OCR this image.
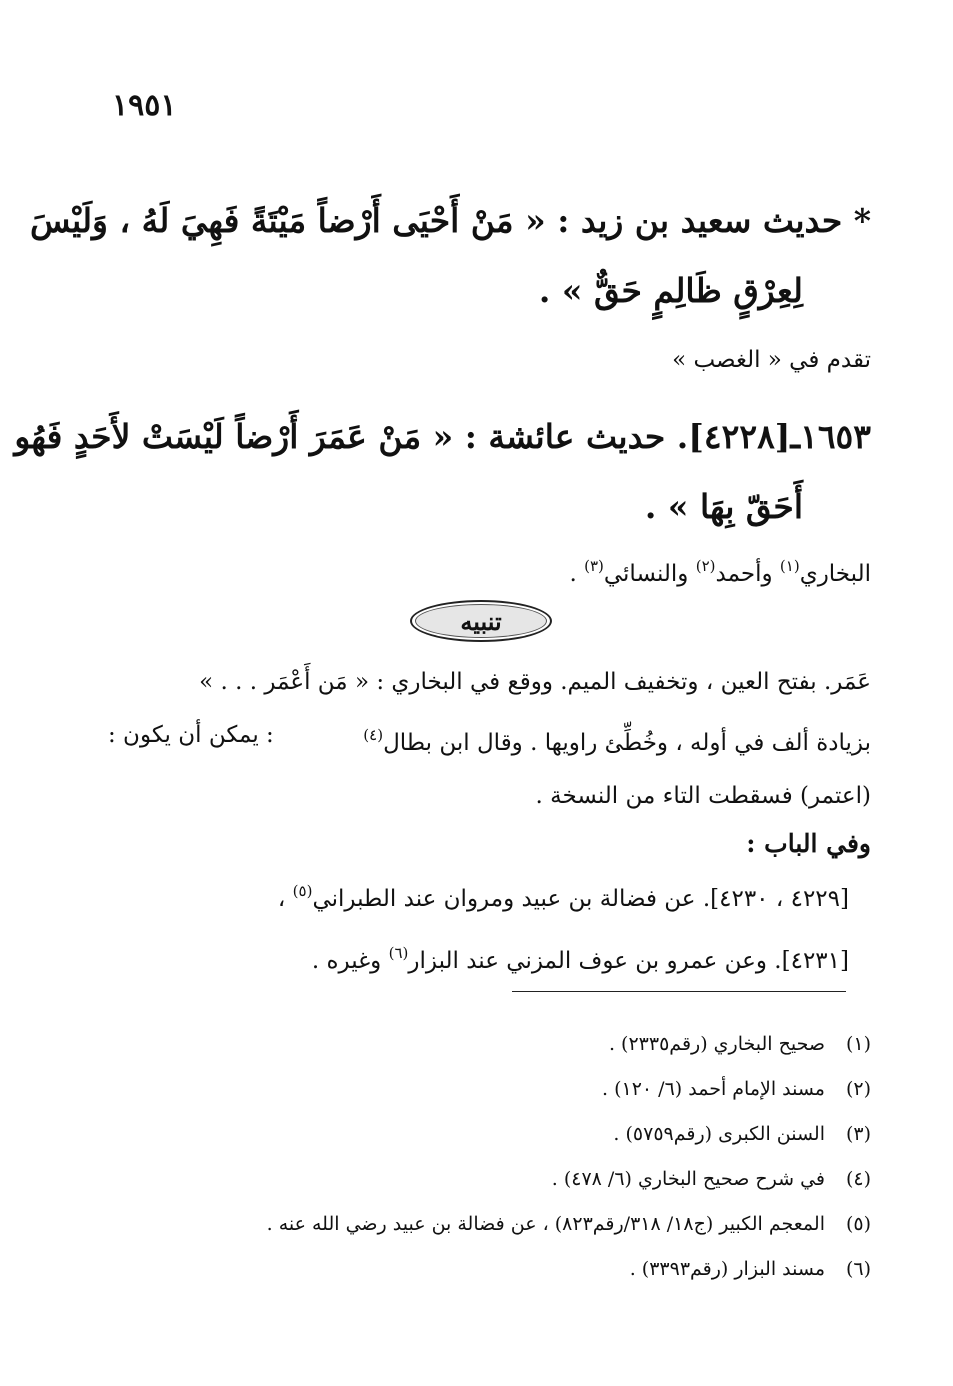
١٩٥١
* حديث سعيد بن زيد : « مَنْ أَحْيَى أَرْضاً مَيْتَةً فَهِيَ لَهُ ، وَلَيْسَ
لِعِرْقٍ ظَالِمٍ حَقٌّ » .
تقدم في « الغصب »
١٦٥٣ـ[٤٢٢٨]. حديث عائشة : « مَنْ عَمَرَ أَرْضاً لَيْسَتْ لأَحَدٍ فَهُو
أَحَقّ بِهَا » .
البخاري$^{(١)}$ وأحمد$^{(٢)}$ والنسائي$^{(٣)}$ .
تنبيه
عَمَر. بفتح العين ، وتخفيف الميم. ووقع في البخاري : « مَن أَعْمَر . . . »
بزيادة ألف في أوله ، وخُطِّئ راويها . وقال ابن بطال$^{(٤)}$
: يمكن أن يكون :
(اعتمر) فسقطت التاء من النسخة .
وفي الباب :
[٤٢٢٩ ، ٤٢٣٠]. عن فضالة بن عبيد ومروان عند الطبراني$^{(٥)}$ ،
[٤٢٣١]. وعن عمرو بن عوف المزني عند البزار$^{(٦)}$ وغيره .
(١)صحيح البخاري (رقم٢٣٣٥) .
(٢)مسند الإمام أحمد (٦/ ١٢٠) .
(٣)السنن الكبرى (رقم٥٧٥٩) .
(٤)في شرح صحيح البخاري (٦/ ٤٧٨) .
(٥)المعجم الكبير (ج١٨/ ٣١٨/رقم٨٢٣) ، عن فضالة بن عبيد رضي الله عنه .
(٦)مسند البزار (رقم٣٣٩٣) .
